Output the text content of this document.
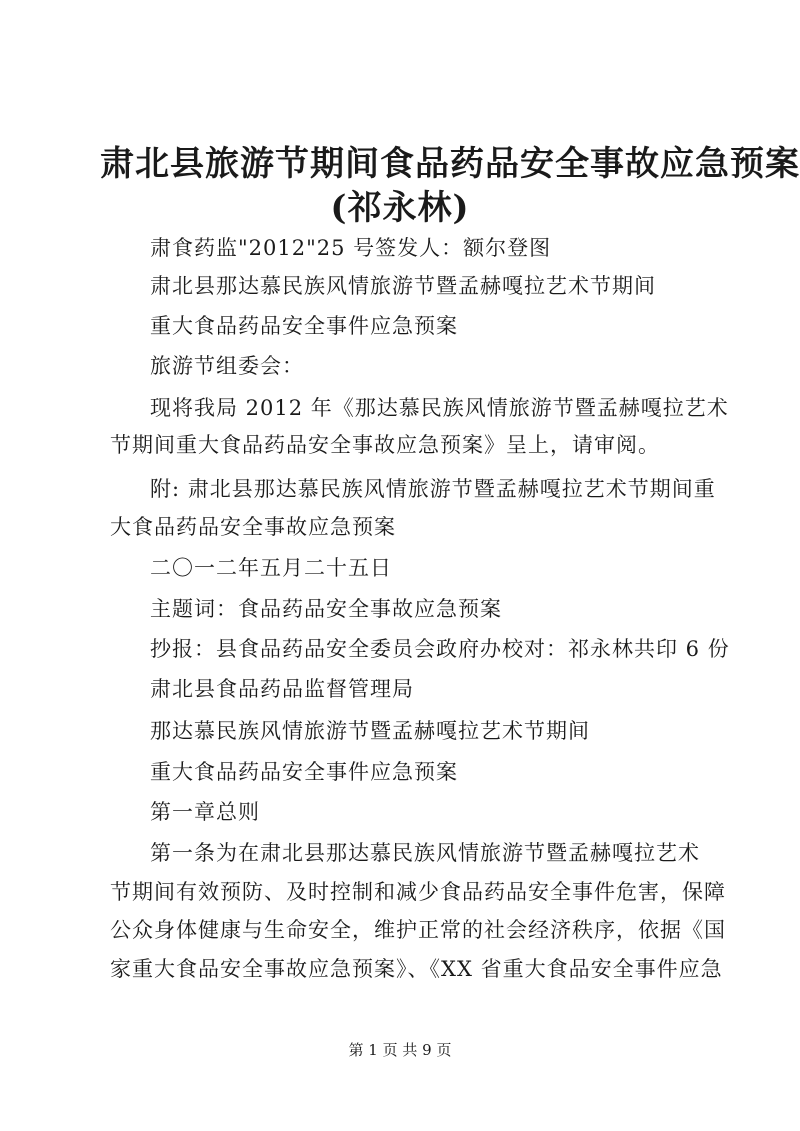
肃北县旅游节期间食品药品安全事故应急预案
(祁永林)
肃食药监"2012"25 号签发人：额尔登图
肃北县那达慕民族风情旅游节暨孟赫嘎拉艺术节期间
重大食品药品安全事件应急预案
旅游节组委会：
现将我局 2012 年《那达慕民族风情旅游节暨孟赫嘎拉艺术
节期间重大食品药品安全事故应急预案》呈上，请审阅。
附: 肃北县那达慕民族风情旅游节暨孟赫嘎拉艺术节期间重
大食品药品安全事故应急预案
二〇一二年五月二十五日
主题词：食品药品安全事故应急预案
抄报：县食品药品安全委员会政府办校对：祁永林共印 6 份
肃北县食品药品监督管理局
那达慕民族风情旅游节暨孟赫嘎拉艺术节期间
重大食品药品安全事件应急预案
第一章总则
第一条为在肃北县那达慕民族风情旅游节暨孟赫嘎拉艺术
节期间有效预防、及时控制和减少食品药品安全事件危害，保障
公众身体健康与生命安全，维护正常的社会经济秩序，依据《国
家重大食品安全事故应急预案》、《XX 省重大食品安全事件应急
第 1 页 共 9 页
